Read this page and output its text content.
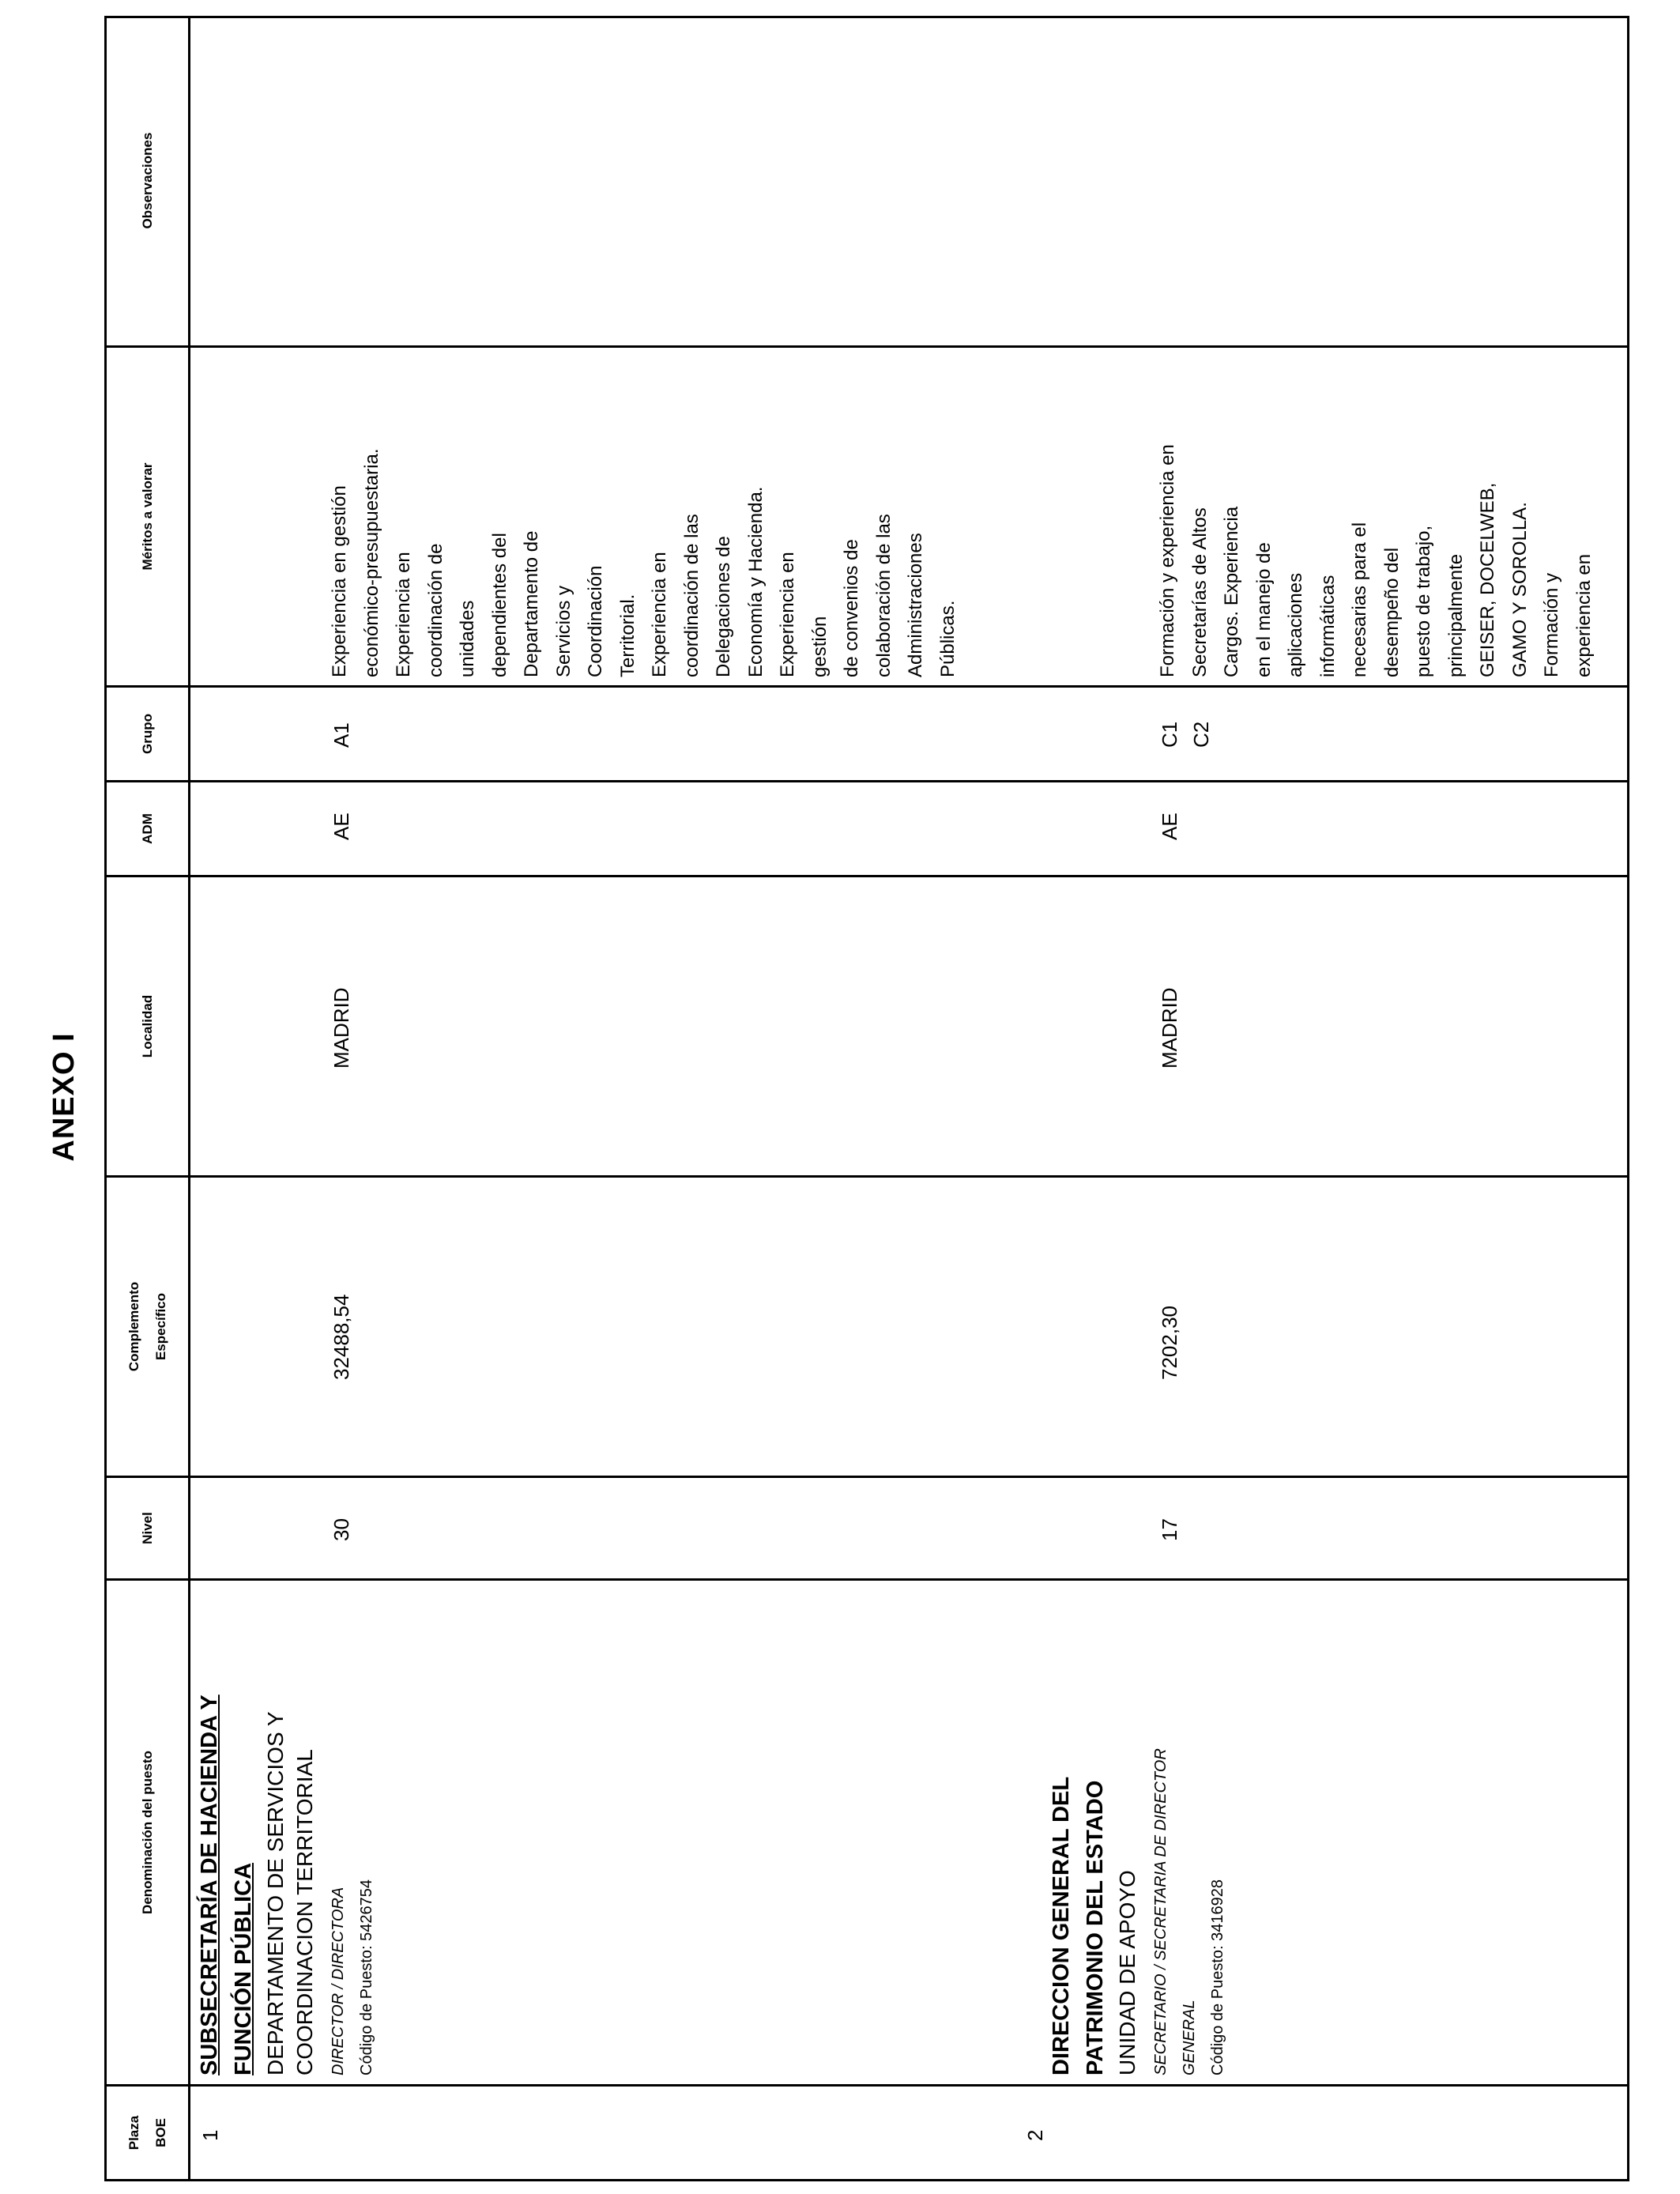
ANEXO I
Plaza BOE
Denominación del puesto
Nivel
Complemento Específico
Localidad
ADM
Grupo
Méritos a valorar
Observaciones
1
SUBSECRETARÍA DE HACIENDA Y FUNCIÓN PÚBLICA DEPARTAMENTO DE SERVICIOS Y COORDINACION TERRITORIAL DIRECTOR / DIRECTORA Código de Puesto: 5426754
30
32488,54
MADRID
AE
A1
Experiencia en gestión económico-presupuestaria. Experiencia en coordinación de unidades dependientes del Departamento de Servicios y Coordinación Territorial. Experiencia en coordinación de las Delegaciones de Economía y Hacienda. Experiencia en gestión de convenios de colaboración de las Administraciones Públicas.
2
DIRECCION GENERAL DEL PATRIMONIO DEL ESTADO UNIDAD DE APOYO SECRETARIO / SECRETARIA DE DIRECTOR GENERAL Código de Puesto: 3416928
17
7202,30
MADRID
AE
C1 C2
Formación y experiencia en Secretarías de Altos Cargos. Experiencia en el manejo de aplicaciones informáticas necesarias para el desempeño del puesto de trabajo, principalmente GEISER, DOCELWEB, GAMO Y SOROLLA. Formación y experiencia en
